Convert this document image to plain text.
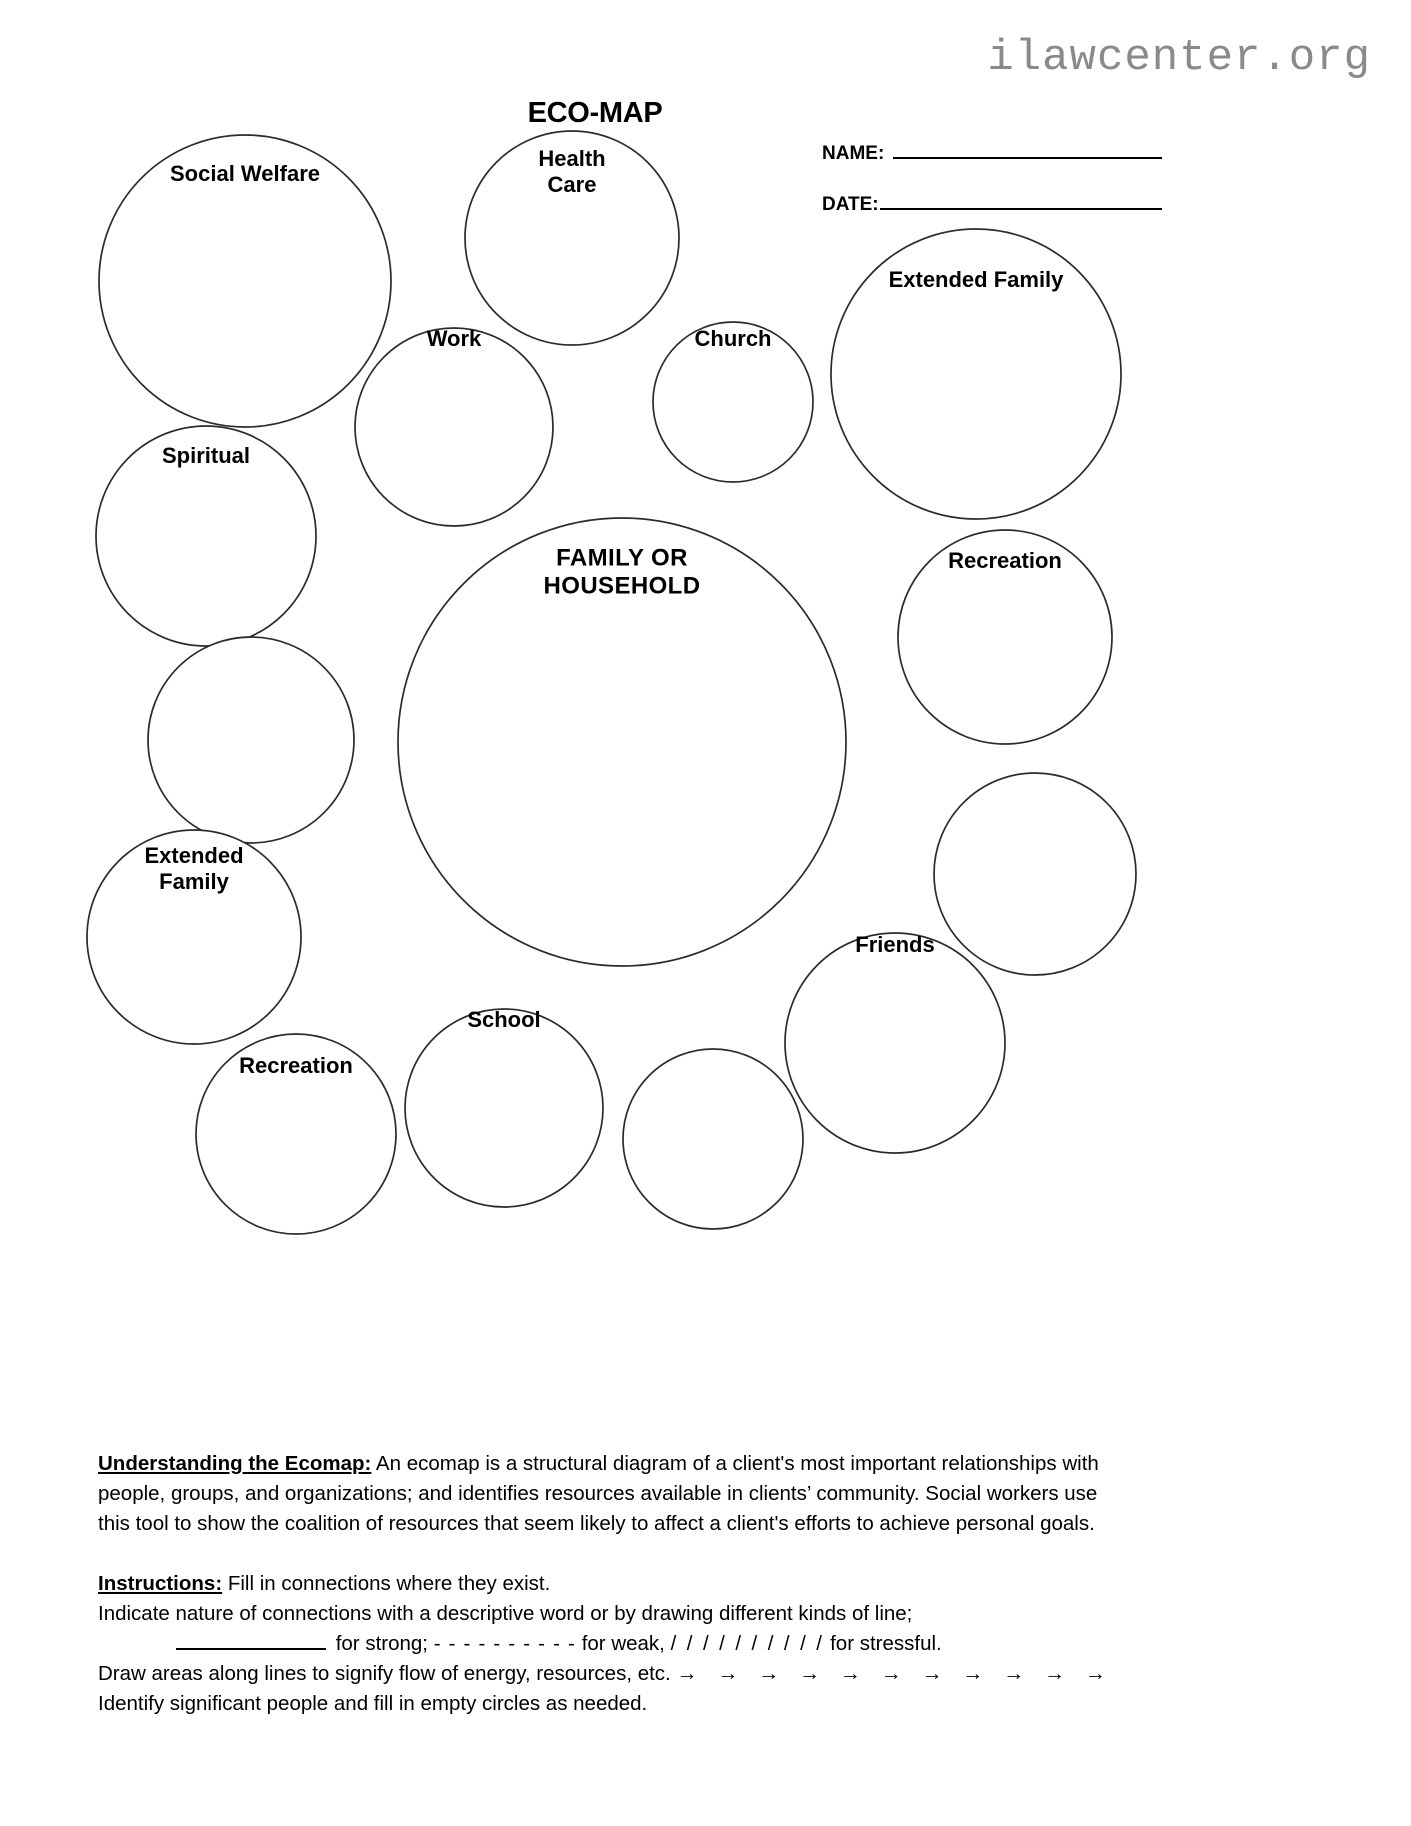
ilawcenter.org
ECO-MAP
NAME:
DATE:
Social Welfare
Health
Care
Work	Church
Extended Family
Spiritual
Recreation
Extended
Family
Friends
Recreation
School
FAMILY OR
HOUSEHOLD

Understanding the Ecomap: An ecomap is a structural diagram of a client's most important relationships with people, groups, and organizations; and identifies resources available in clients’ community. Social workers use this tool to show the coalition of resources that seem likely to affect a client's efforts to achieve personal goals.

Instructions: Fill in connections where they exist.
Indicate nature of connections with a descriptive word or by drawing different kinds of line;
for strong; - - - - - - - - - - for weak, / / / / / / / / / / for stressful.
Draw areas along lines to signify flow of energy, resources, etc. → → → → → → → → → → →
Identify significant people and fill in empty circles as needed.
